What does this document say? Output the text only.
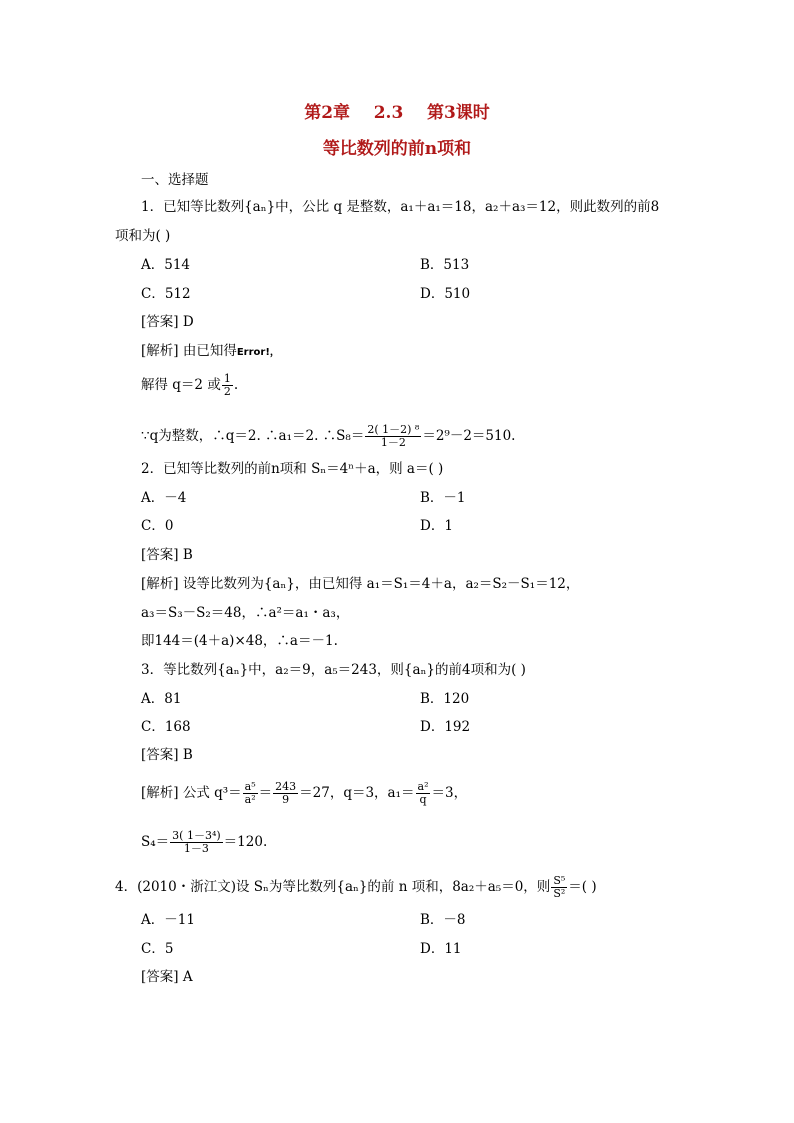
第2章    2.3    第3课时
等比数列的前n项和
一、选择题
1．已知等比数列{aₙ}中，公比 q 是整数，a₁＋a₁＝18，a₂＋a₃＝12，则此数列的前8
项和为( )
A．514	B．513
C．512	D．510
[答案] D
[解析] 由已知得Error!，
解得 q＝2 或 $\frac{1}{2}$ .
∵q为整数，∴q＝2. ∴a₁＝2. ∴S₈＝ $\frac{\text{2( 1－2) ⁸}}{1-2} =2^9-2=510$.
2．已知等比数列的前n项和 Sₙ＝4ⁿ＋a，则 a＝( )
A．－4	B．－1
C．0	D．1
[答案] B
[解析] 设等比数列为{aₙ}，由已知得 a₁＝S₁＝4＋a，a₂＝S₂－S₁＝12，
a₃＝S₃－S₂＝48，∴a²＝a₁・a₃，
即144＝(4＋a)×48，∴a＝－1.
3．等比数列{aₙ}中，a₂＝9，a₅＝243，则{aₙ}的前4项和为( )
A．81	B．120
C．168	D．192
[答案] B
[解析] 公式 $q^3= \frac{\text{a⁵}}{\text{a²}} = \frac{243}{9} =27$，q＝3，$a_1= \frac{\text{a²}}{q} =3$，
$S_4= \frac{\text{3( 1－3⁴)}}{1-3} =120$.
4．(2010・浙江文)设 Sₙ为等比数列{aₙ}的前 n 项和，8a₂＋a₅＝0，则 $\frac{\text{S⁵}}{\text{S²}}$ ＝( )
A．－11	B．－8
C．5	D．11
[答案] A
